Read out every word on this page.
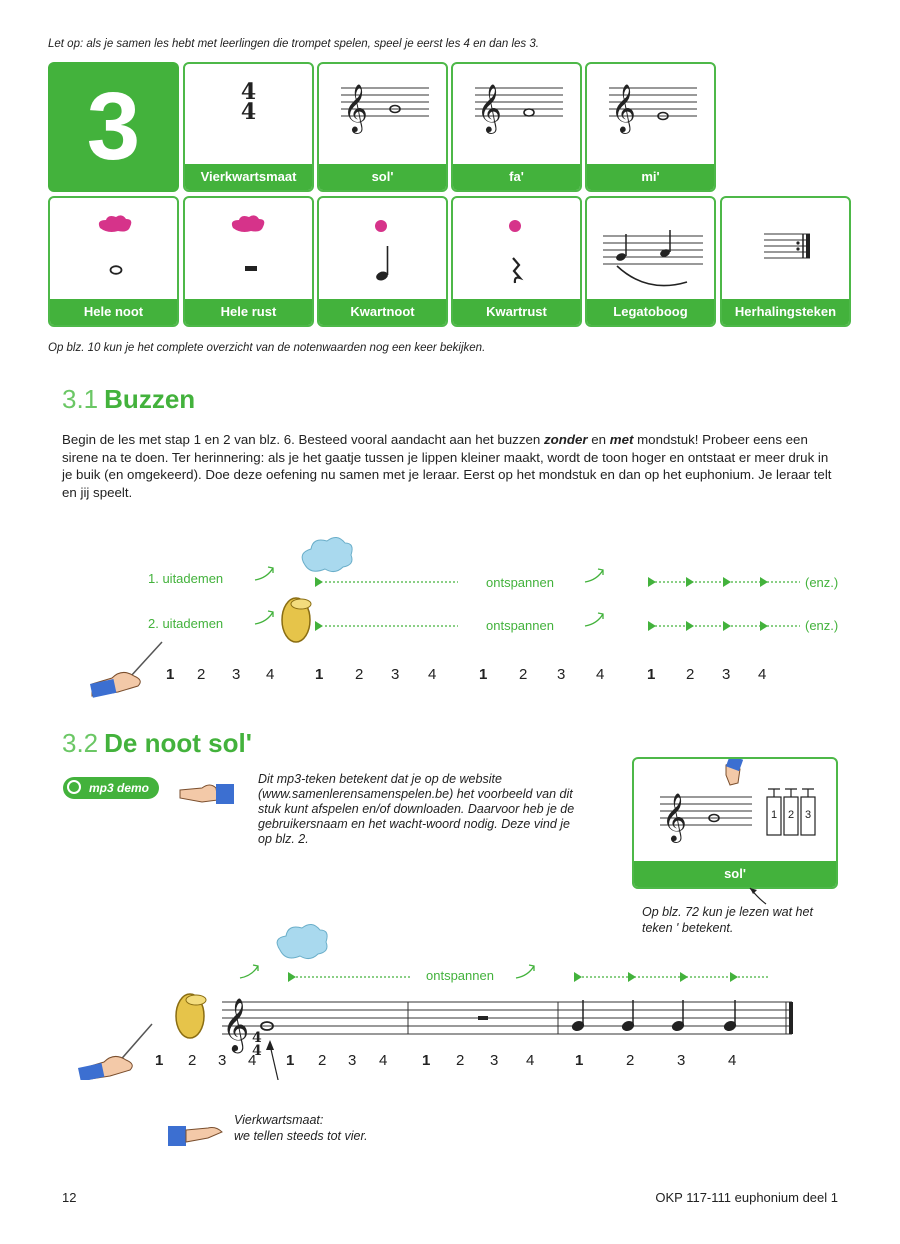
Let op: als je samen les hebt met leerlingen die trompet spelen, speel je eerst les 4 en dan les 3.
3	4
4
Vierkwartsmaat
𝄞
sol'
𝄞
fa'
𝄞
mi'
Hele noot	Hele rust	Kwartnoot	Kwartrust	Legatoboog	Herhalingsteken
Op blz. 10 kun je het complete overzicht van de notenwaarden nog een keer bekijken.
3.1 Buzzen
Begin de les met stap 1 en 2 van blz. 6. Besteed vooral aandacht aan het buzzen zonder en met mondstuk! Probeer eens een sirene na te doen. Ter herinnering: als je het gaatje tussen je lippen kleiner maakt, wordt de toon hoger en ontstaat er meer druk in je buik (en omgekeerd). Doe deze oefening nu samen met je leraar. Eerst op het mondstuk en dan op het euphonium. Je leraar telt en jij speelt.
1. uitademen
2. uitademen
ontspannen
ontspannen
(enz.)
(enz.)
1 2 3 4	1 2 3 4	1 2 3 4	1 2 3 4
3.2 De noot sol'
mp3 demo
Dit mp3-teken betekent dat je op de website (www.samenlerensamenspelen.be) het voorbeeld van dit stuk kunt afspelen en/of downloaden. Daarvoor heb je de gebruikersnaam en het wacht-woord nodig. Deze vind je op blz. 2.	𝄞	1 2 3
sol'
Op blz. 72 kun je lezen wat het teken ' betekent.
𝄞 4
4
ontspannen
1 2 3 4 1 2 3 4 1 2 3 4	1	2	3	4
Vierkwartsmaat:
we tellen steeds tot vier.
12	OKP 117-111 euphonium deel 1
